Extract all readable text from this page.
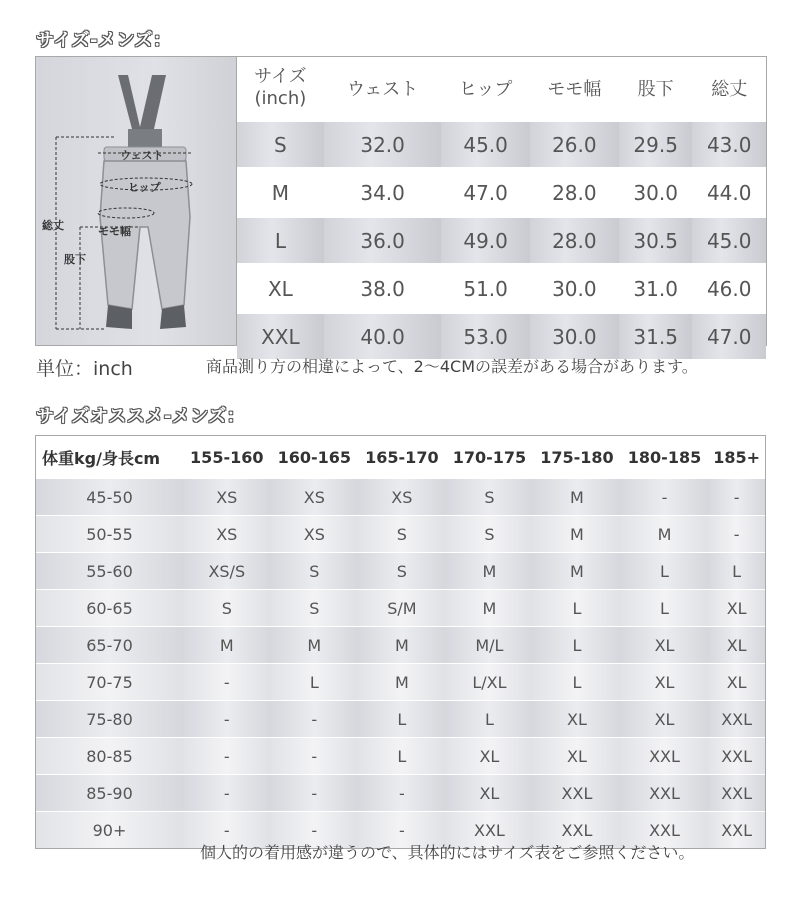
サイズ-メンズ：
ウェスト
ヒップ
モモ幅
総丈
股下
サイズ
(inch)	ウェスト	ヒップ	モモ幅	股下	総丈
S	32.0	45.0	26.0	29.5	43.0
M	34.0	47.0	28.0	30.0	44.0
L	36.0	49.0	28.0	30.5	45.0
XL	38.0	51.0	30.0	31.0	46.0
XXL	40.0	53.0	30.0	31.5	47.0
単位：inch	商品測り方の相違によって、2～4CMの誤差がある場合があります。
サイズオススメ-メンズ：
体重kg/身長cm	155-160	160-165	165-170	170-175	175-180	180-185	185+
45-50	XS	XS	XS	S	M	-	-
50-55	XS	XS	S	S	M	M	-
55-60	XS/S	S	S	M	M	L	L
60-65	S	S	S/M	M	L	L	XL
65-70	M	M	M	M/L	L	XL	XL
70-75	-	L	M	L/XL	L	XL	XL
75-80	-	-	L	L	XL	XL	XXL
80-85	-	-	L	XL	XL	XXL	XXL
85-90	-	-	-	XL	XXL	XXL	XXL
90+	-	-	-	XXL	XXL	XXL	XXL
個人的の着用感が違うので、具体的にはサイズ表をご参照ください。
